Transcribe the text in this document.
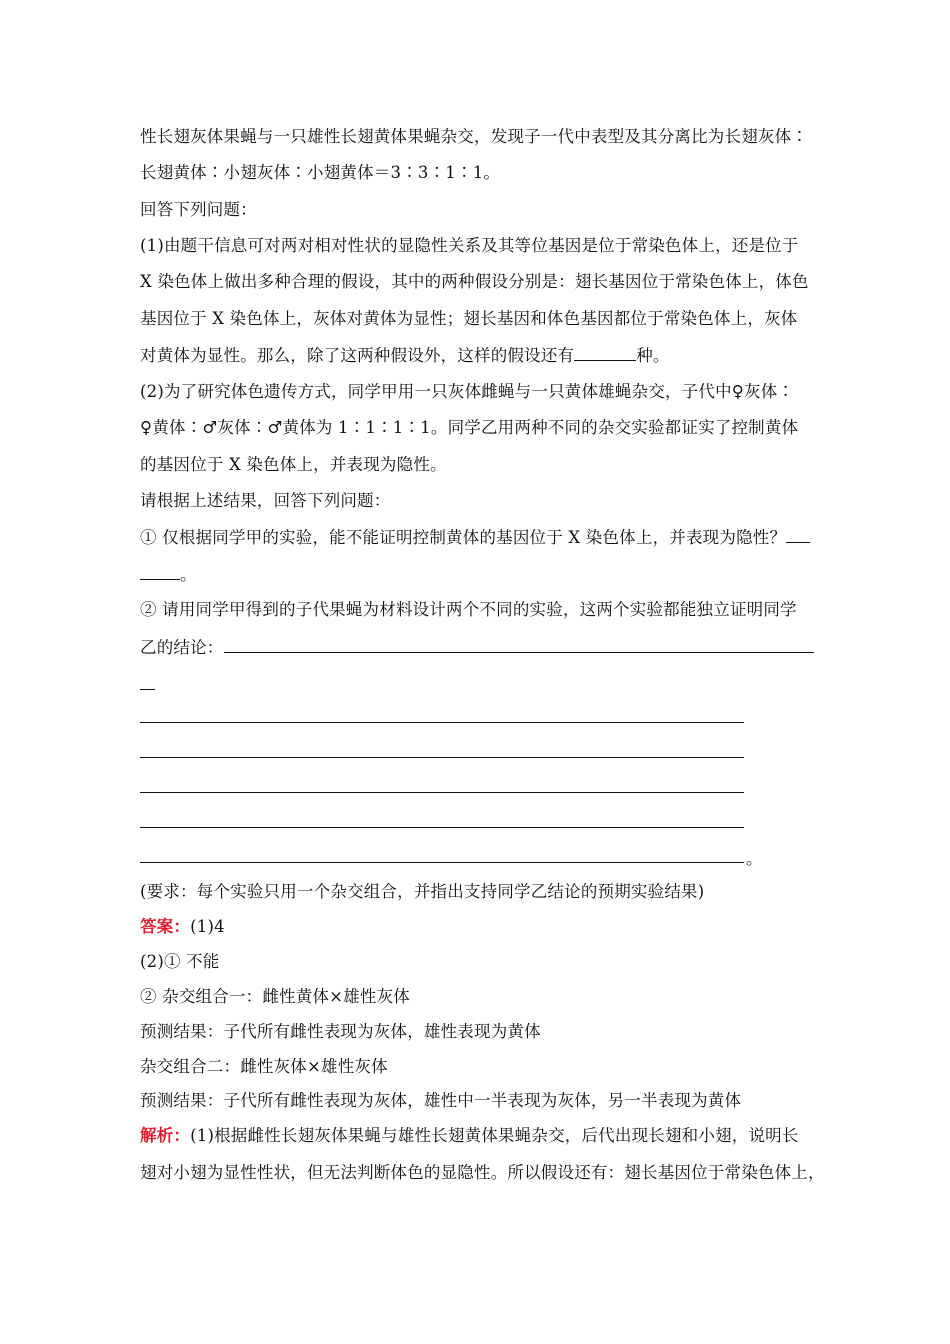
性长翅灰体果蝇与一只雄性长翅黄体果蝇杂交，发现子一代中表型及其分离比为长翅灰体∶
长翅黄体∶小翅灰体∶小翅黄体＝3∶3∶1∶1。
回答下列问题：
(1)由题干信息可对两对相对性状的显隐性关系及其等位基因是位于常染色体上，还是位于
X 染色体上做出多种合理的假设，其中的两种假设分别是：翅长基因位于常染色体上，体色
基因位于 X 染色体上，灰体对黄体为显性；翅长基因和体色基因都位于常染色体上，灰体
对黄体为显性。那么，除了这两种假设外，这样的假设还有	种。
(2)为了研究体色遗传方式，同学甲用一只灰体雌蝇与一只黄体雄蝇杂交，子代中♀灰体∶
♀黄体∶♂灰体∶♂黄体为 1∶1∶1∶1。同学乙用两种不同的杂交实验都证实了控制黄体
的基因位于 X 染色体上，并表现为隐性。
请根据上述结果，回答下列问题：
① 仅根据同学甲的实验，能不能证明控制黄体的基因位于 X 染色体上，并表现为隐性？
。
② 请用同学甲得到的子代果蝇为材料设计两个不同的实验，这两个实验都能独立证明同学
乙的结论：
。
(要求：每个实验只用一个杂交组合，并指出支持同学乙结论的预期实验结果)
答案：(1)4
(2)① 不能
② 杂交组合一：雌性黄体×雄性灰体
预测结果：子代所有雌性表现为灰体，雄性表现为黄体
杂交组合二：雌性灰体×雄性灰体
预测结果：子代所有雌性表现为灰体，雄性中一半表现为灰体，另一半表现为黄体
解析：(1)根据雌性长翅灰体果蝇与雄性长翅黄体果蝇杂交，后代出现长翅和小翅，说明长
翅对小翅为显性性状，但无法判断体色的显隐性。所以假设还有：翅长基因位于常染色体上，
